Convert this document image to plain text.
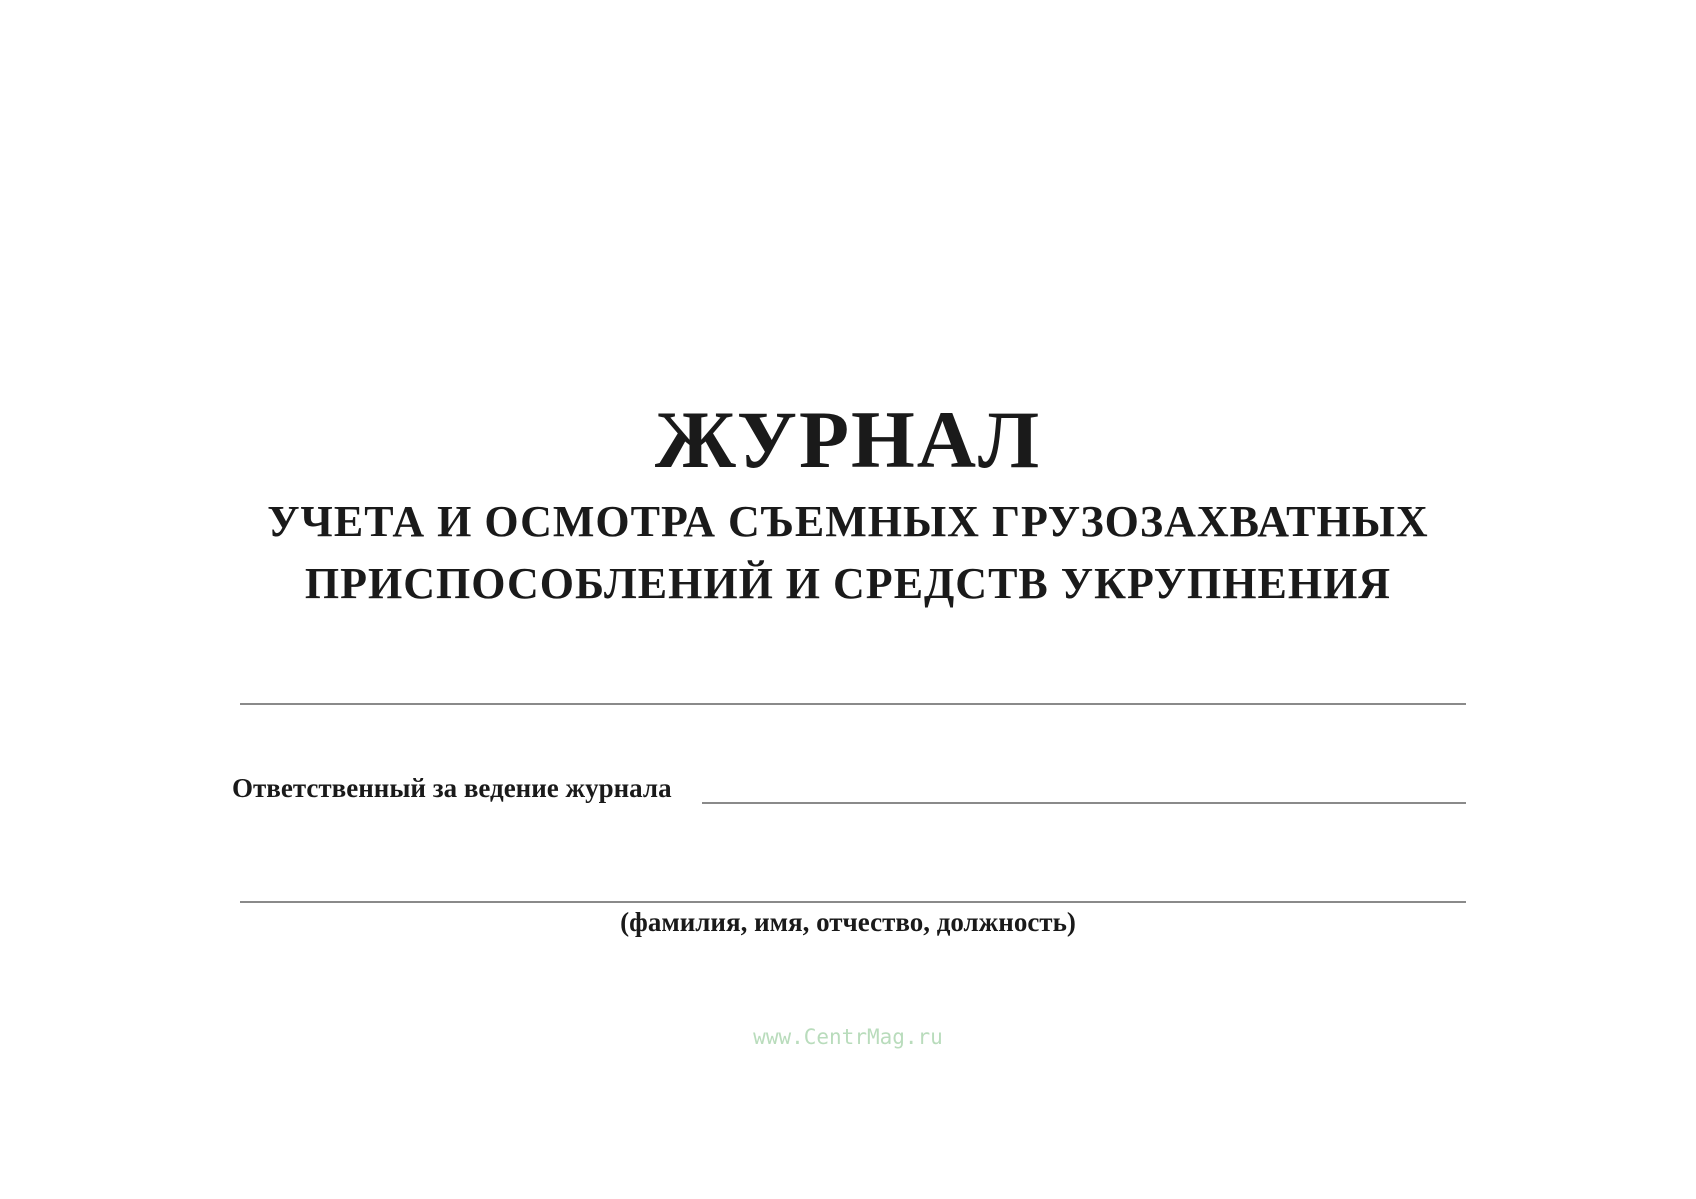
ЖУРНАЛ
УЧЕТА И ОСМОТРА СЪЕМНЫХ ГРУЗОЗАХВАТНЫХ
ПРИСПОСОБЛЕНИЙ И СРЕДСТВ УКРУПНЕНИЯ
Ответственный за ведение журнала
(фамилия, имя, отчество, должность)
www.CentrMag.ru
